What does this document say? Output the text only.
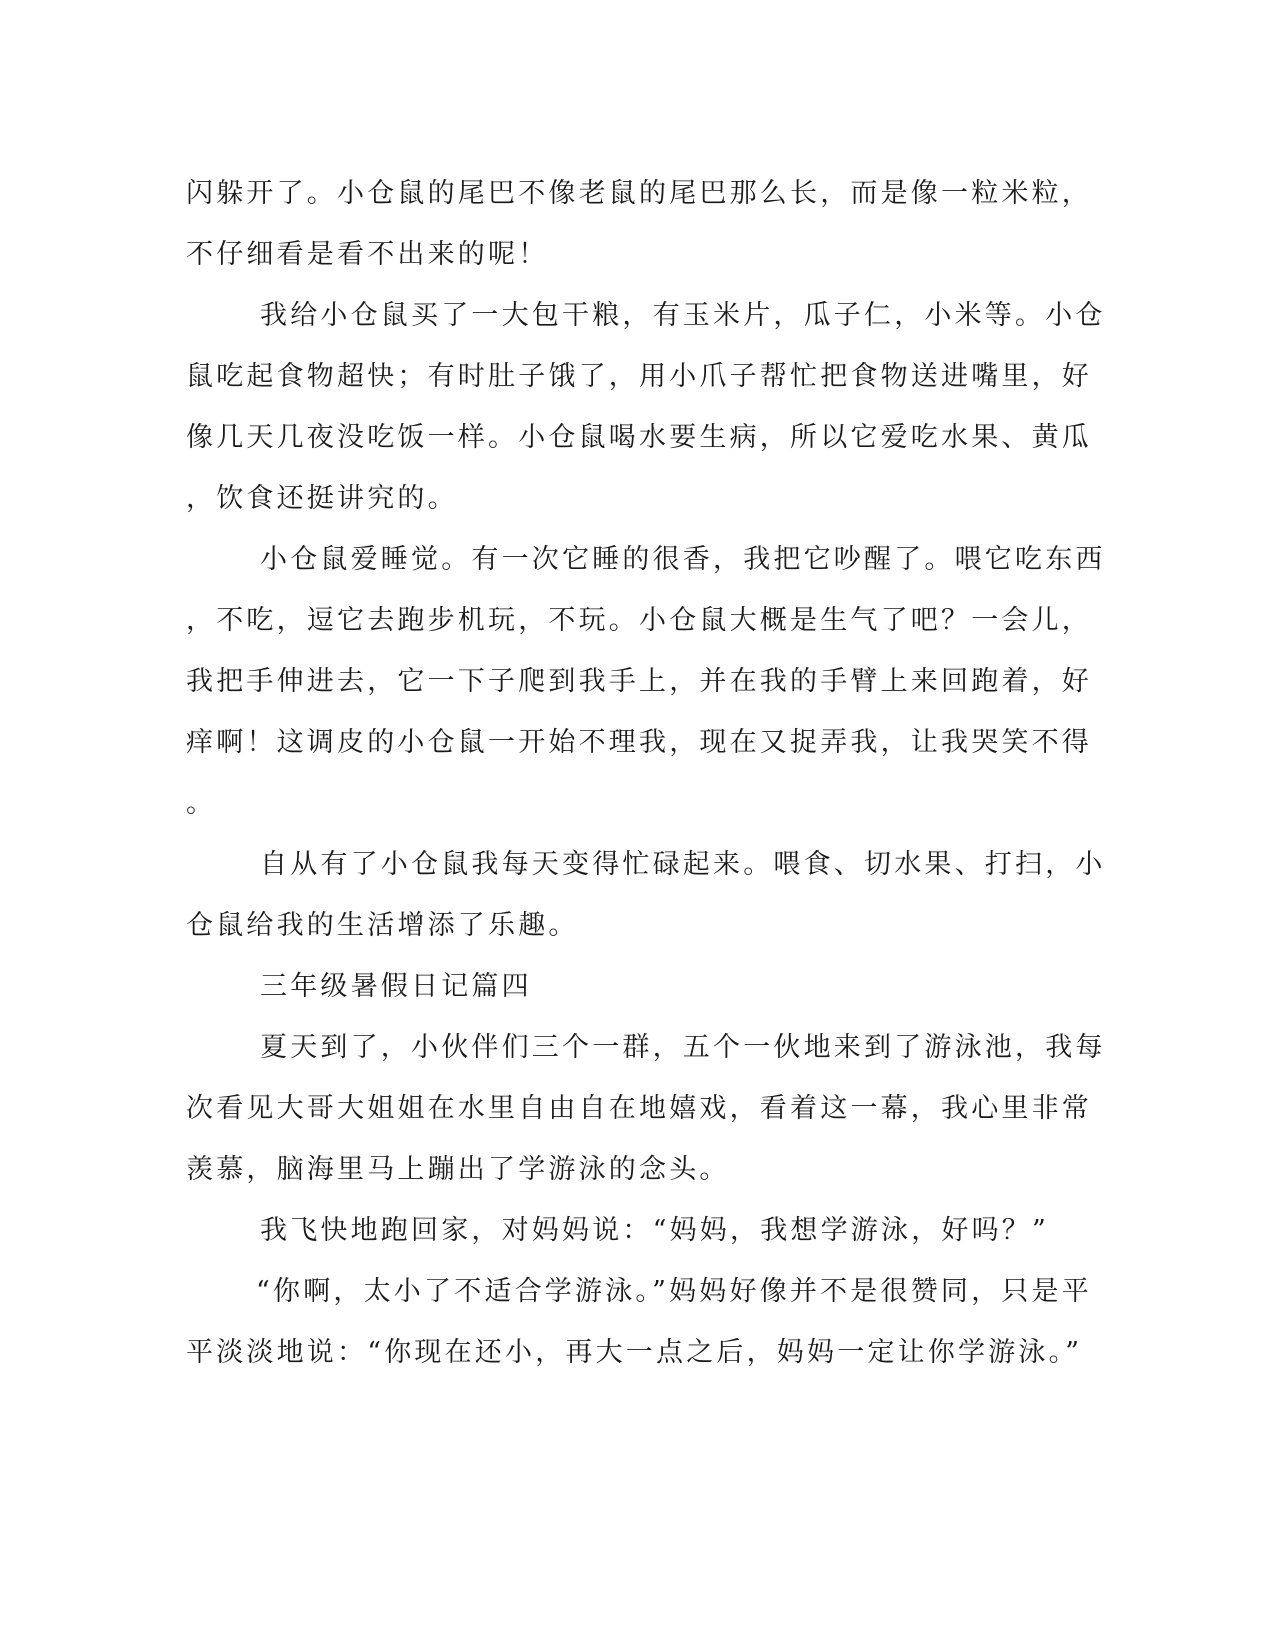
闪躲开了。小仓鼠的尾巴不像老鼠的尾巴那么长，而是像一粒米粒，
不仔细看是看不出来的呢！
我给小仓鼠买了一大包干粮，有玉米片，瓜子仁，小米等。小仓
鼠吃起食物超快；有时肚子饿了，用小爪子帮忙把食物送进嘴里，好
像几天几夜没吃饭一样。小仓鼠喝水要生病，所以它爱吃水果、黄瓜
，饮食还挺讲究的。
小仓鼠爱睡觉。有一次它睡的很香，我把它吵醒了。喂它吃东西
，不吃，逗它去跑步机玩，不玩。小仓鼠大概是生气了吧？一会儿，
我把手伸进去，它一下子爬到我手上，并在我的手臂上来回跑着，好
痒啊！这调皮的小仓鼠一开始不理我，现在又捉弄我，让我哭笑不得
。
自从有了小仓鼠我每天变得忙碌起来。喂食、切水果、打扫，小
仓鼠给我的生活增添了乐趣。
三年级暑假日记篇四
夏天到了，小伙伴们三个一群，五个一伙地来到了游泳池，我每
次看见大哥大姐姐在水里自由自在地嬉戏，看着这一幕，我心里非常
羡慕，脑海里马上蹦出了学游泳的念头。
我飞快地跑回家，对妈妈说：“妈妈，我想学游泳，好吗？”
“你啊，太小了不适合学游泳。”妈妈好像并不是很赞同，只是平
平淡淡地说：“你现在还小，再大一点之后，妈妈一定让你学游泳。”
